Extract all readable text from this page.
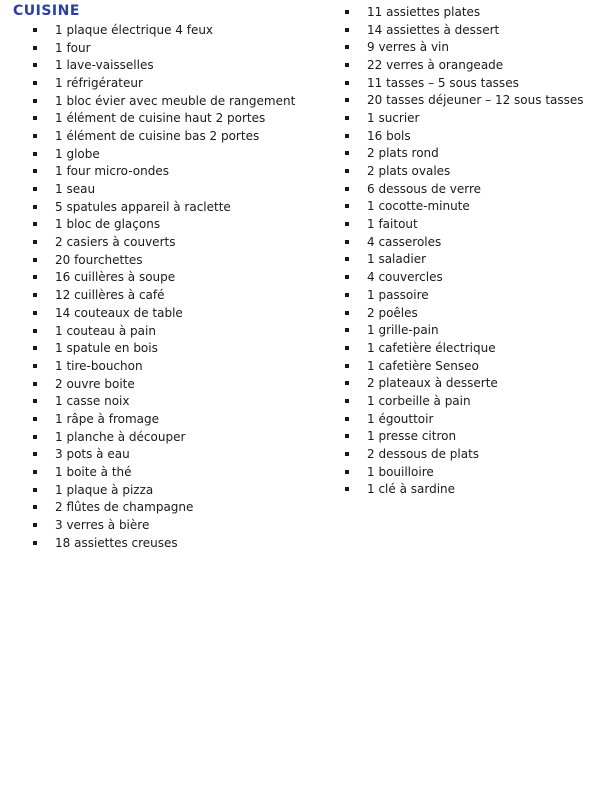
CUISINE
1 plaque électrique 4 feux
1 four
1 lave-vaisselles
1 réfrigérateur
1 bloc évier avec meuble de rangement
1 élément de cuisine haut 2 portes
1 élément de cuisine bas 2 portes
1 globe
1 four micro-ondes
1 seau
5 spatules appareil à raclette
1 bloc de glaçons
2 casiers à couverts
20 fourchettes
16 cuillères à soupe
12 cuillères à café
14 couteaux de table
1 couteau à pain
1 spatule en bois
1 tire-bouchon
2 ouvre boite
1 casse noix
1 râpe à fromage
1 planche à découper
3 pots à eau
1 boite à thé
1 plaque à pizza
2 flûtes de champagne
3 verres à bière
18 assiettes creuses
11 assiettes plates
14 assiettes à dessert
9 verres à vin
22 verres à orangeade
11 tasses – 5 sous tasses
20 tasses déjeuner – 12 sous tasses
1 sucrier
16 bols
2 plats rond
2 plats ovales
6 dessous de verre
1 cocotte-minute
1 faitout
4 casseroles
1 saladier
4 couvercles
1 passoire
2 poêles
1 grille-pain
1 cafetière électrique
1 cafetière Senseo
2 plateaux à desserte
1 corbeille à pain
1 égouttoir
1 presse citron
2 dessous de plats
1 bouilloire
1 clé à sardine
